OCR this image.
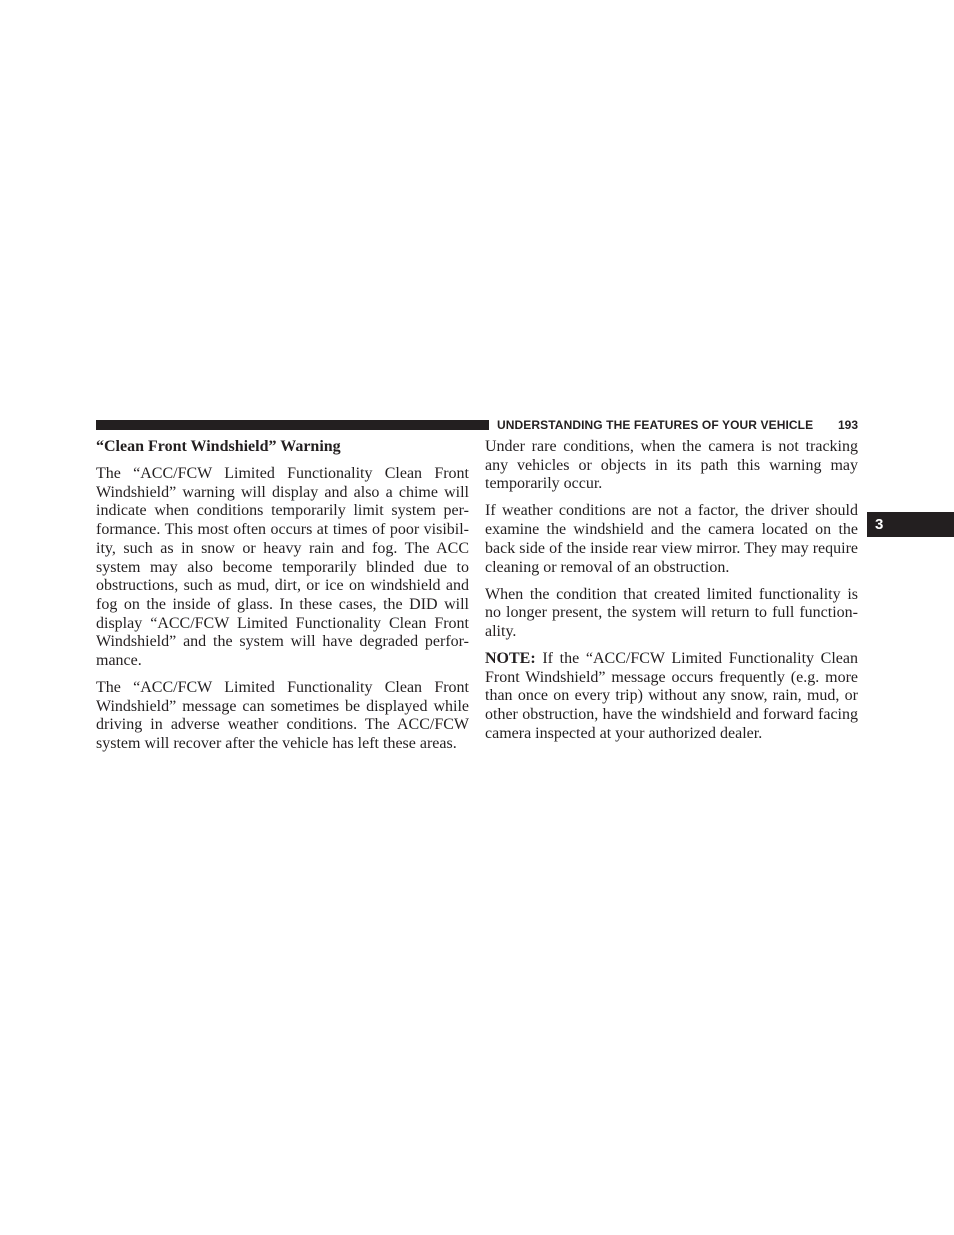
UNDERSTANDING THE FEATURES OF YOUR VEHICLE 193
3
“Clean Front Windshield” Warning

The “ACC/FCW Limited Functionality Clean Front Windshield” warning will display and also a chime will indicate when conditions temporarily limit system per- formance. This most often occurs at times of poor visibil- ity, such as in snow or heavy rain and fog. The ACC system may also become temporarily blinded due to obstructions, such as mud, dirt, or ice on windshield and fog on the inside of glass. In these cases, the DID will display “ACC/FCW Limited Functionality Clean Front Windshield” and the system will have degraded perfor- mance.

The “ACC/FCW Limited Functionality Clean Front Windshield” message can sometimes be displayed while driving in adverse weather conditions. The ACC/FCW system will recover after the vehicle has left these areas.

Under rare conditions, when the camera is not tracking any vehicles or objects in its path this warning may temporarily occur.

If weather conditions are not a factor, the driver should examine the windshield and the camera located on the back side of the inside rear view mirror. They may require cleaning or removal of an obstruction.

When the condition that created limited functionality is no longer present, the system will return to full function- ality.

NOTE: If the “ACC/FCW Limited Functionality Clean Front Windshield” message occurs frequently (e.g. more than once on every trip) without any snow, rain, mud, or other obstruction, have the windshield and forward facing camera inspected at your authorized dealer.
